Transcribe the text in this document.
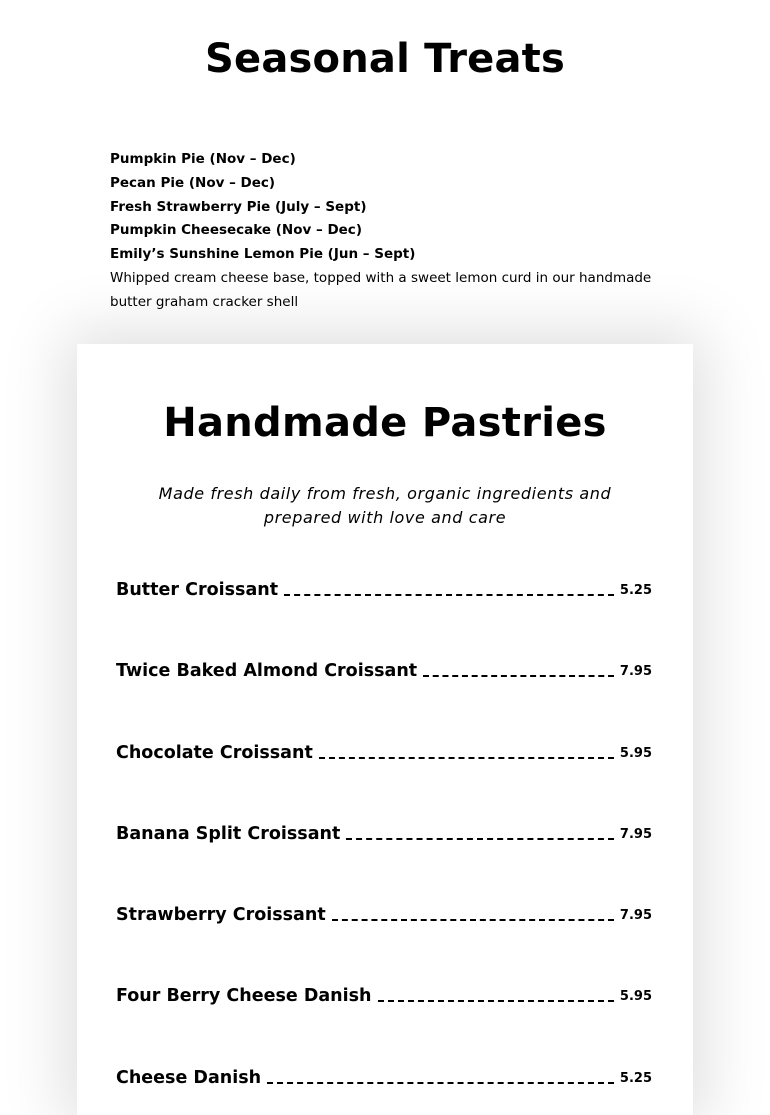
Seasonal Treats
Pumpkin Pie (Nov – Dec)
Pecan Pie (Nov – Dec)
Fresh Strawberry Pie (July – Sept)
Pumpkin Cheesecake (Nov – Dec)
Emily’s Sunshine Lemon Pie (Jun – Sept)
Whipped cream cheese base, topped with a sweet lemon curd in our handmade butter graham cracker shell
Handmade Pastries

Made fresh daily from fresh, organic ingredients and prepared with love and care

Butter Croissant	5.25
Twice Baked Almond Croissant	7.95
Chocolate Croissant	5.95
Banana Split Croissant	7.95
Strawberry Croissant	7.95
Four Berry Cheese Danish	5.95
Cheese Danish	5.25
